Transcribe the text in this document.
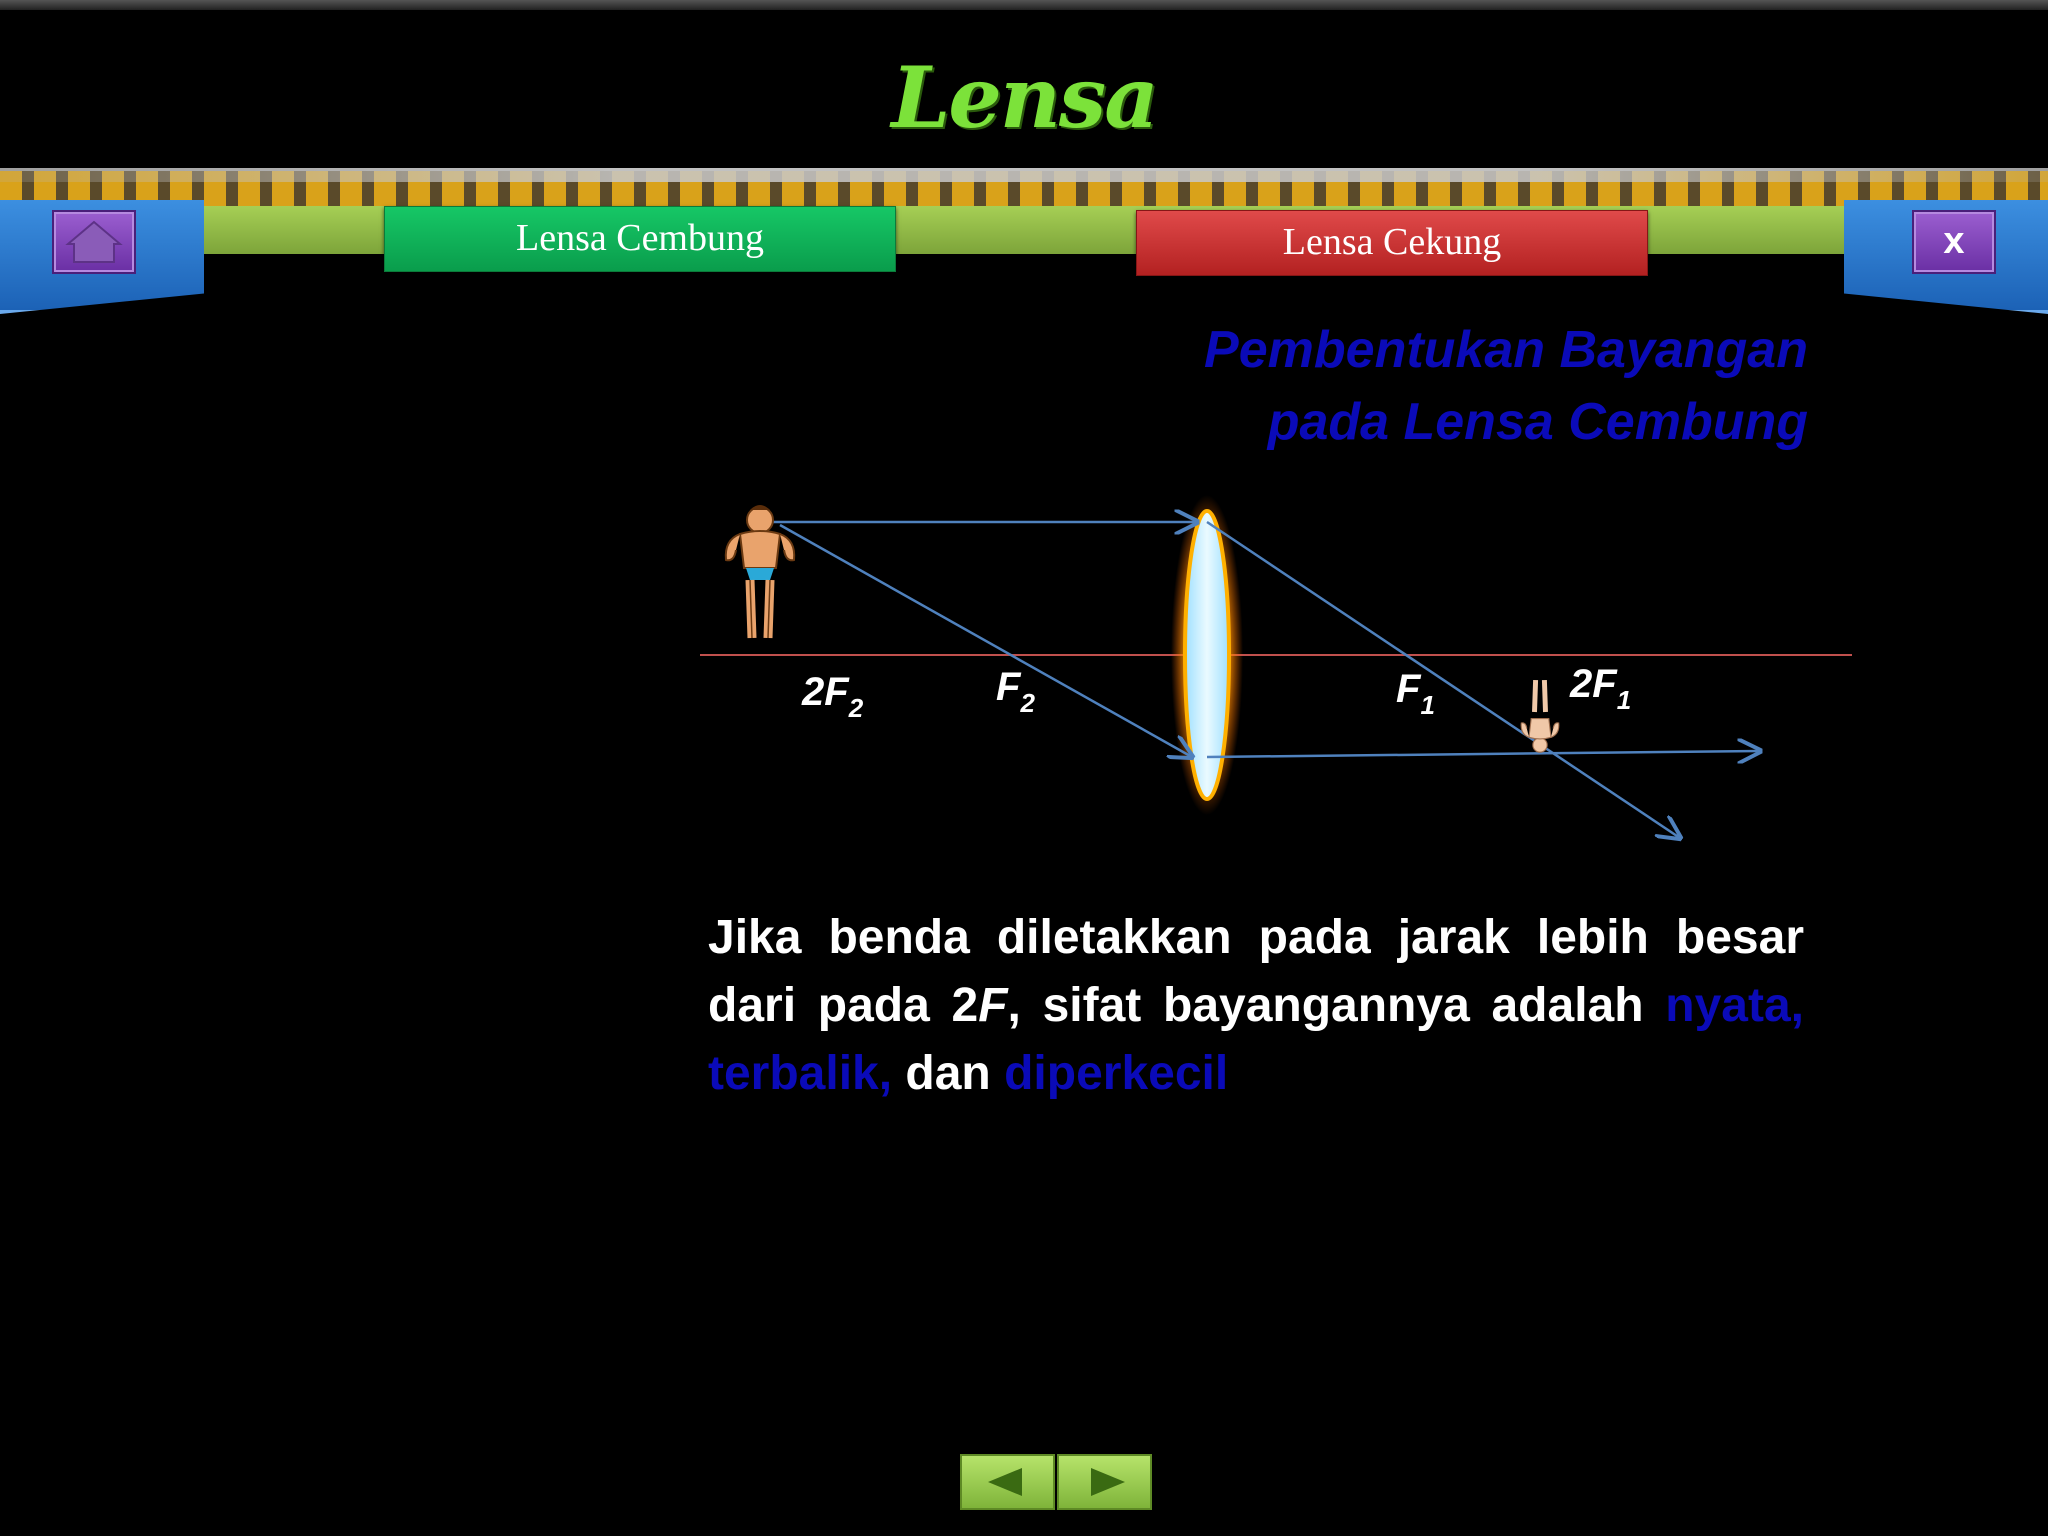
Lensa
x
Lensa Cembung	Lensa Cekung
Pembentukan Bayangan
pada Lensa Cembung
$2F_2$	$F_2$	$F_1$	$2F_1$
Jika benda diletakkan pada jarak lebih besar dari pada 2F, sifat bayangannya adalah nyata, terbalik, dan diperkecil
